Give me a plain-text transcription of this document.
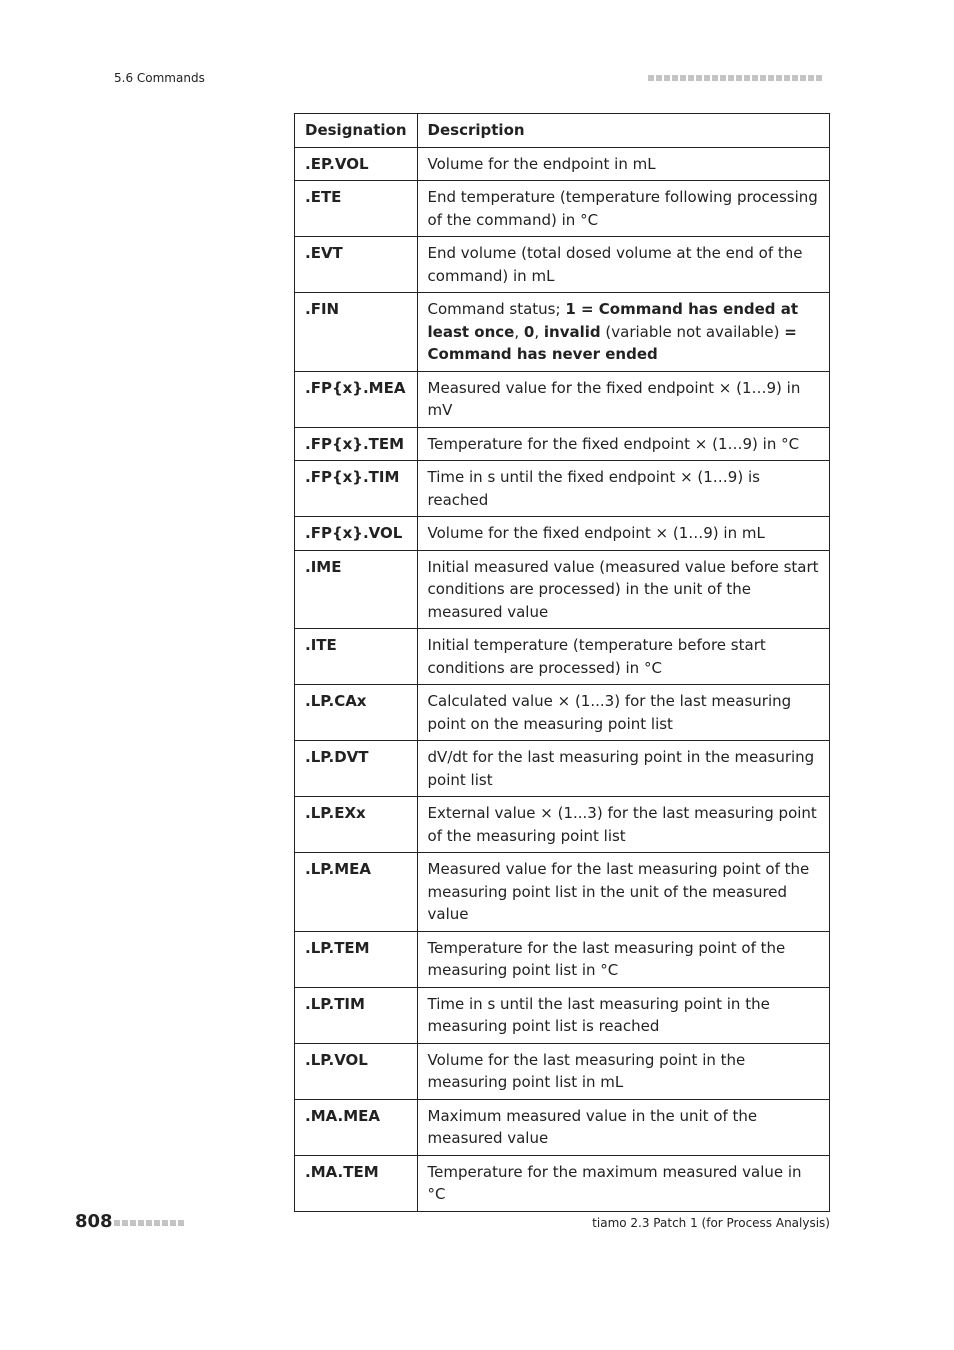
5.6 Commands
Designation	Description
.EP.VOL	Volume for the endpoint in mL
.ETE	End temperature (temperature following processing of the command) in °C
.EVT	End volume (total dosed volume at the end of the command) in mL
.FIN	Command status; 1 = Command has ended at least once, 0, invalid (variable not available) = Command has never ended
.FP{x}.MEA	Measured value for the fixed endpoint × (1…9) in mV
.FP{x}.TEM	Temperature for the fixed endpoint × (1…9) in °C
.FP{x}.TIM	Time in s until the fixed endpoint × (1…9) is reached
.FP{x}.VOL	Volume for the fixed endpoint × (1…9) in mL
.IME	Initial measured value (measured value before start conditions are processed) in the unit of the measured value
.ITE	Initial temperature (temperature before start conditions are processed) in °C
.LP.CAx	Calculated value × (1...3) for the last measuring point on the measuring point list
.LP.DVT	dV/dt for the last measuring point in the measuring point list
.LP.EXx	External value × (1...3) for the last measuring point of the measuring point list
.LP.MEA	Measured value for the last measuring point of the measuring point list in the unit of the measured value
.LP.TEM	Temperature for the last measuring point of the measuring point list in °C
.LP.TIM	Time in s until the last measuring point in the measuring point list is reached
.LP.VOL	Volume for the last measuring point in the measuring point list in mL
.MA.MEA	Maximum measured value in the unit of the measured value
.MA.TEM	Temperature for the maximum measured value in °C
808	tiamo 2.3 Patch 1 (for Process Analysis)
